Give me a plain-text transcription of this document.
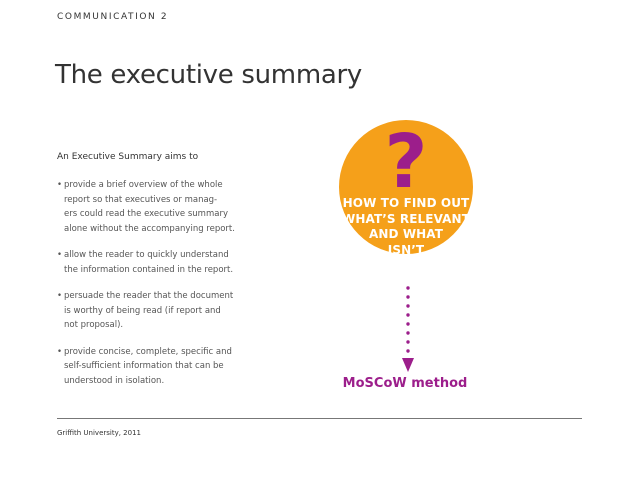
COMMUNICATION 2
The executive summary
An Executive Summary aims to
• provide a brief overview of the whole
report so that executives or manag-
ers could read the executive summary
alone without the accompanying report.
• allow the reader to quickly understand
the information contained in the report.
• persuade the reader that the document
is worthy of being read (if report and
not proposal).
• provide concise, complete, specific and
self-sufficient information that can be
understood in isolation.
?
HOW TO FIND OUT
WHAT’S RELEVANT
AND WHAT
ISN’T
MoSCoW method
Griffith University, 2011
